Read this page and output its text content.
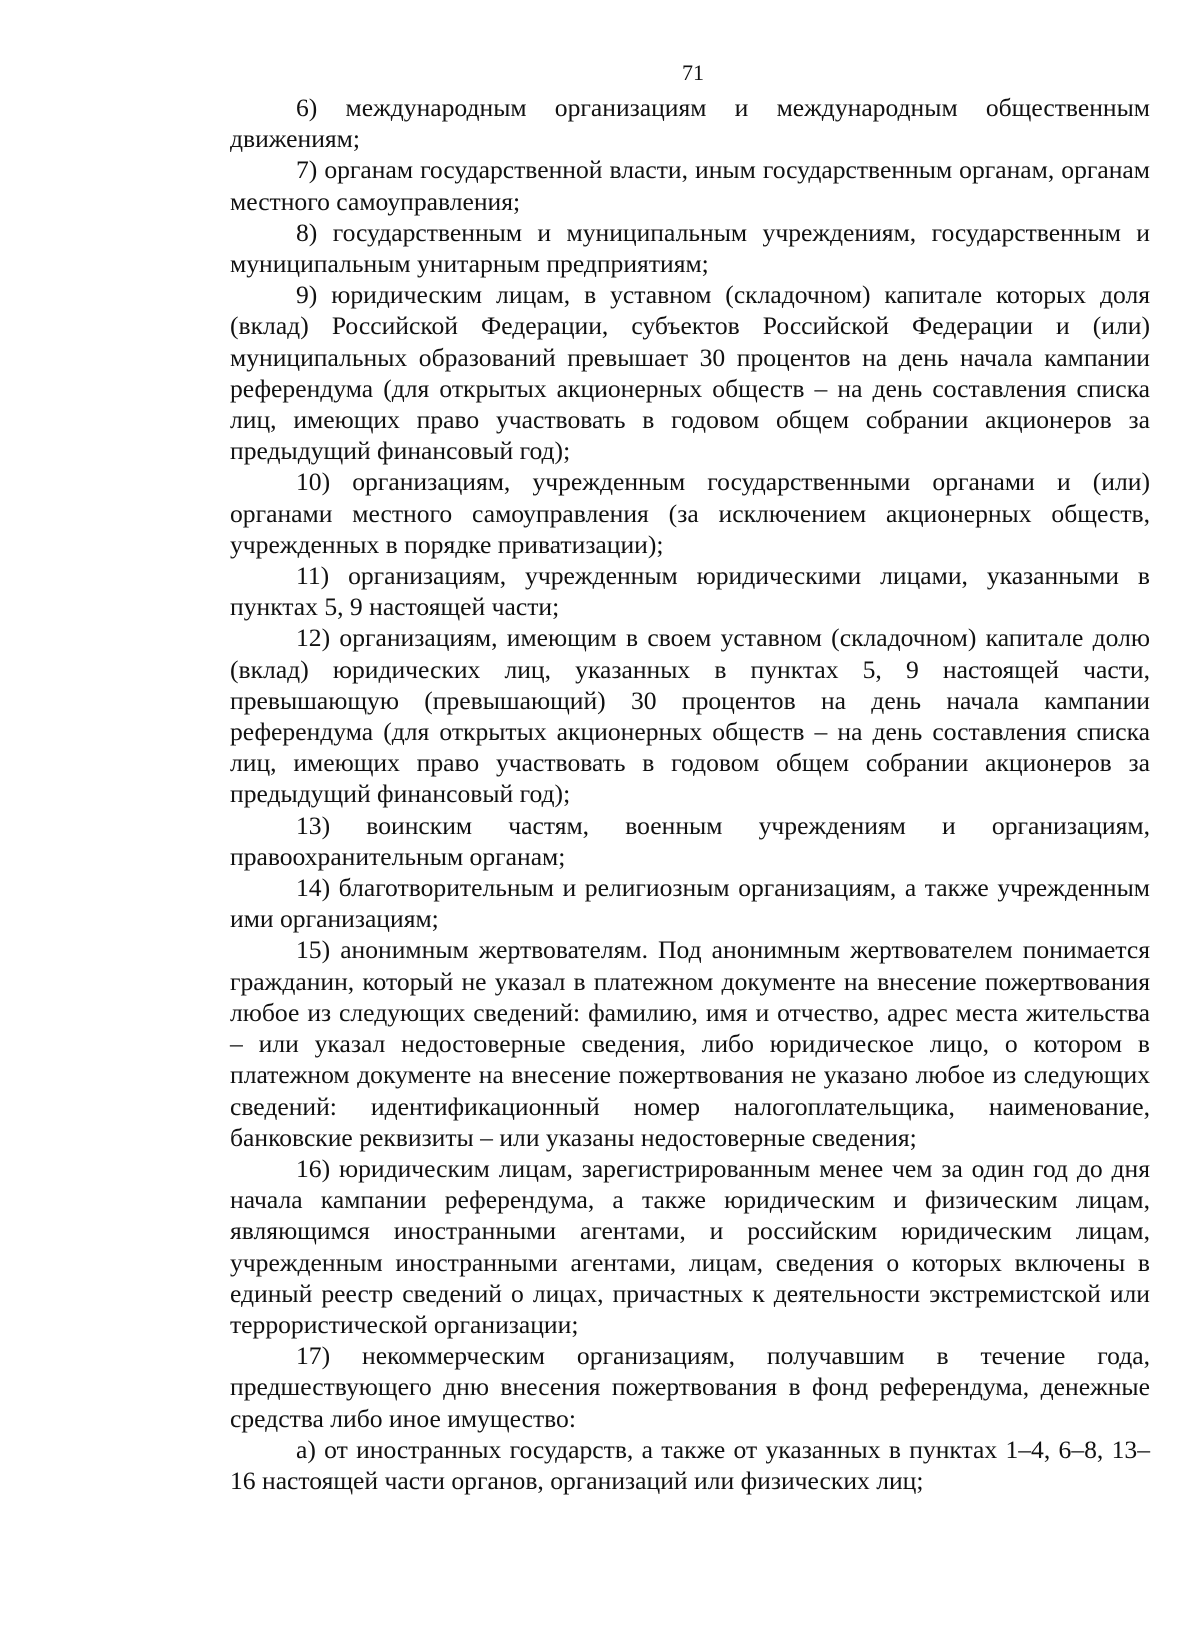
71

6) международным организациям и международным общественным движениям;

7) органам государственной власти, иным государственным органам, органам местного самоуправления;

8) государственным и муниципальным учреждениям, государственным и муниципальным унитарным предприятиям;

9) юридическим лицам, в уставном (складочном) капитале которых доля (вклад) Российской Федерации, субъектов Российской Федерации и (или) муниципальных образований превышает 30 процентов на день начала кампании референдума (для открытых акционерных обществ – на день составления списка лиц, имеющих право участвовать в годовом общем собрании акционеров за предыдущий финансовый год);

10) организациям, учрежденным государственными органами и (или) органами местного самоуправления (за исключением акционерных обществ, учрежденных в порядке приватизации);

11) организациям, учрежденным юридическими лицами, указанными в пунктах 5, 9 настоящей части;

12) организациям, имеющим в своем уставном (складочном) капитале долю (вклад) юридических лиц, указанных в пунктах 5, 9 настоящей части, превышающую (превышающий) 30 процентов на день начала кампании референдума (для открытых акционерных обществ – на день составления списка лиц, имеющих право участвовать в годовом общем собрании акционеров за предыдущий финансовый год);

13) воинским частям, военным учреждениям и организациям, правоохранительным органам;

14) благотворительным и религиозным организациям, а также учрежденным ими организациям;

15) анонимным жертвователям. Под анонимным жертвователем понимается гражданин, который не указал в платежном документе на внесение пожертвования любое из следующих сведений: фамилию, имя и отчество, адрес места жительства – или указал недостоверные сведения, либо юридическое лицо, о котором в платежном документе на внесение пожертвования не указано любое из следующих сведений: идентификационный номер налогоплательщика, наименование, банковские реквизиты – или указаны недостоверные сведения;

16) юридическим лицам, зарегистрированным менее чем за один год до дня начала кампании референдума, а также юридическим и физическим лицам, являющимся иностранными агентами, и российским юридическим лицам, учрежденным иностранными агентами, лицам, сведения о которых включены в единый реестр сведений о лицах, причастных к деятельности экстремистской или террористической организации;

17) некоммерческим организациям, получавшим в течение года, предшествующего дню внесения пожертвования в фонд референдума, денежные средства либо иное имущество:

а) от иностранных государств, а также от указанных в пунктах 1–4, 6–8, 13–16 настоящей части органов, организаций или физических лиц;
